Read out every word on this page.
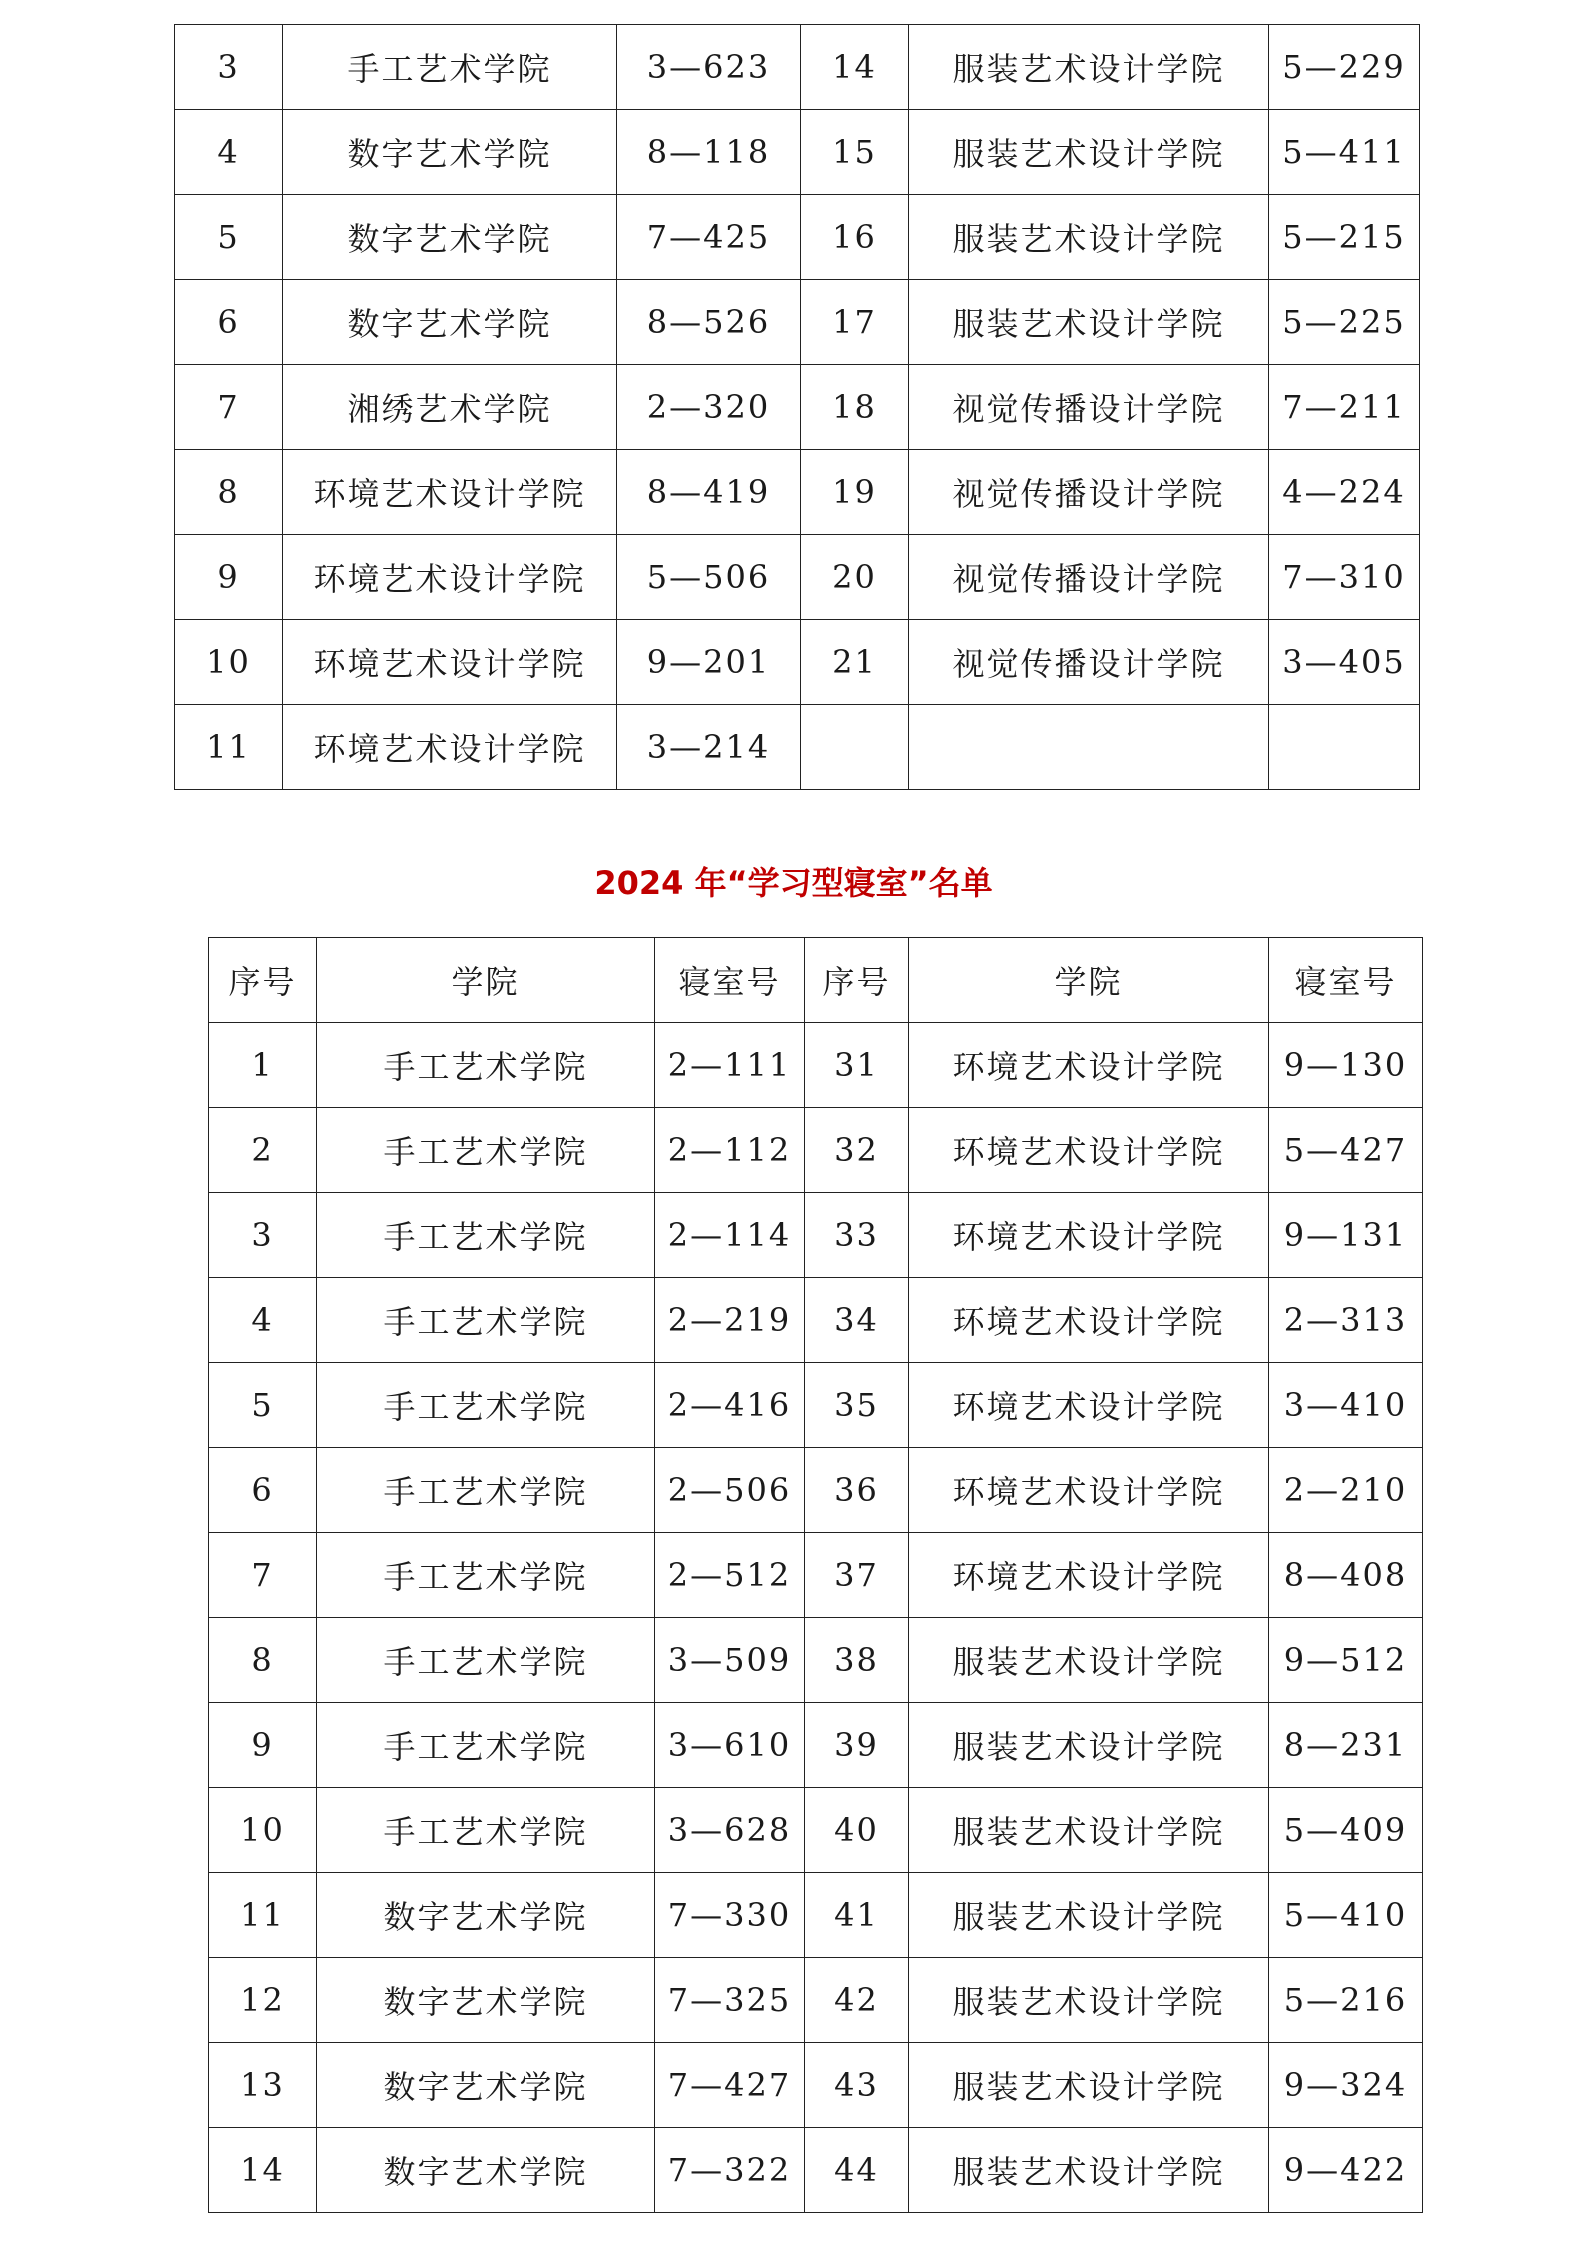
3	手工艺术学院	3—623	14	服装艺术设计学院	5—229
4	数字艺术学院	8—118	15	服装艺术设计学院	5—411
5	数字艺术学院	7—425	16	服装艺术设计学院	5—215
6	数字艺术学院	8—526	17	服装艺术设计学院	5—225
7	湘绣艺术学院	2—320	18	视觉传播设计学院	7—211
8	环境艺术设计学院	8—419	19	视觉传播设计学院	4—224
9	环境艺术设计学院	5—506	20	视觉传播设计学院	7—310
10	环境艺术设计学院	9—201	21	视觉传播设计学院	3—405
11	环境艺术设计学院	3—214			
2024 年“学习型寝室”名单
序号	学院	寝室号	序号	学院	寝室号
1	手工艺术学院	2—111	31	环境艺术设计学院	9—130
2	手工艺术学院	2—112	32	环境艺术设计学院	5—427
3	手工艺术学院	2—114	33	环境艺术设计学院	9—131
4	手工艺术学院	2—219	34	环境艺术设计学院	2—313
5	手工艺术学院	2—416	35	环境艺术设计学院	3—410
6	手工艺术学院	2—506	36	环境艺术设计学院	2—210
7	手工艺术学院	2—512	37	环境艺术设计学院	8—408
8	手工艺术学院	3—509	38	服装艺术设计学院	9—512
9	手工艺术学院	3—610	39	服装艺术设计学院	8—231
10	手工艺术学院	3—628	40	服装艺术设计学院	5—409
11	数字艺术学院	7—330	41	服装艺术设计学院	5—410
12	数字艺术学院	7—325	42	服装艺术设计学院	5—216
13	数字艺术学院	7—427	43	服装艺术设计学院	9—324
14	数字艺术学院	7—322	44	服装艺术设计学院	9—422
